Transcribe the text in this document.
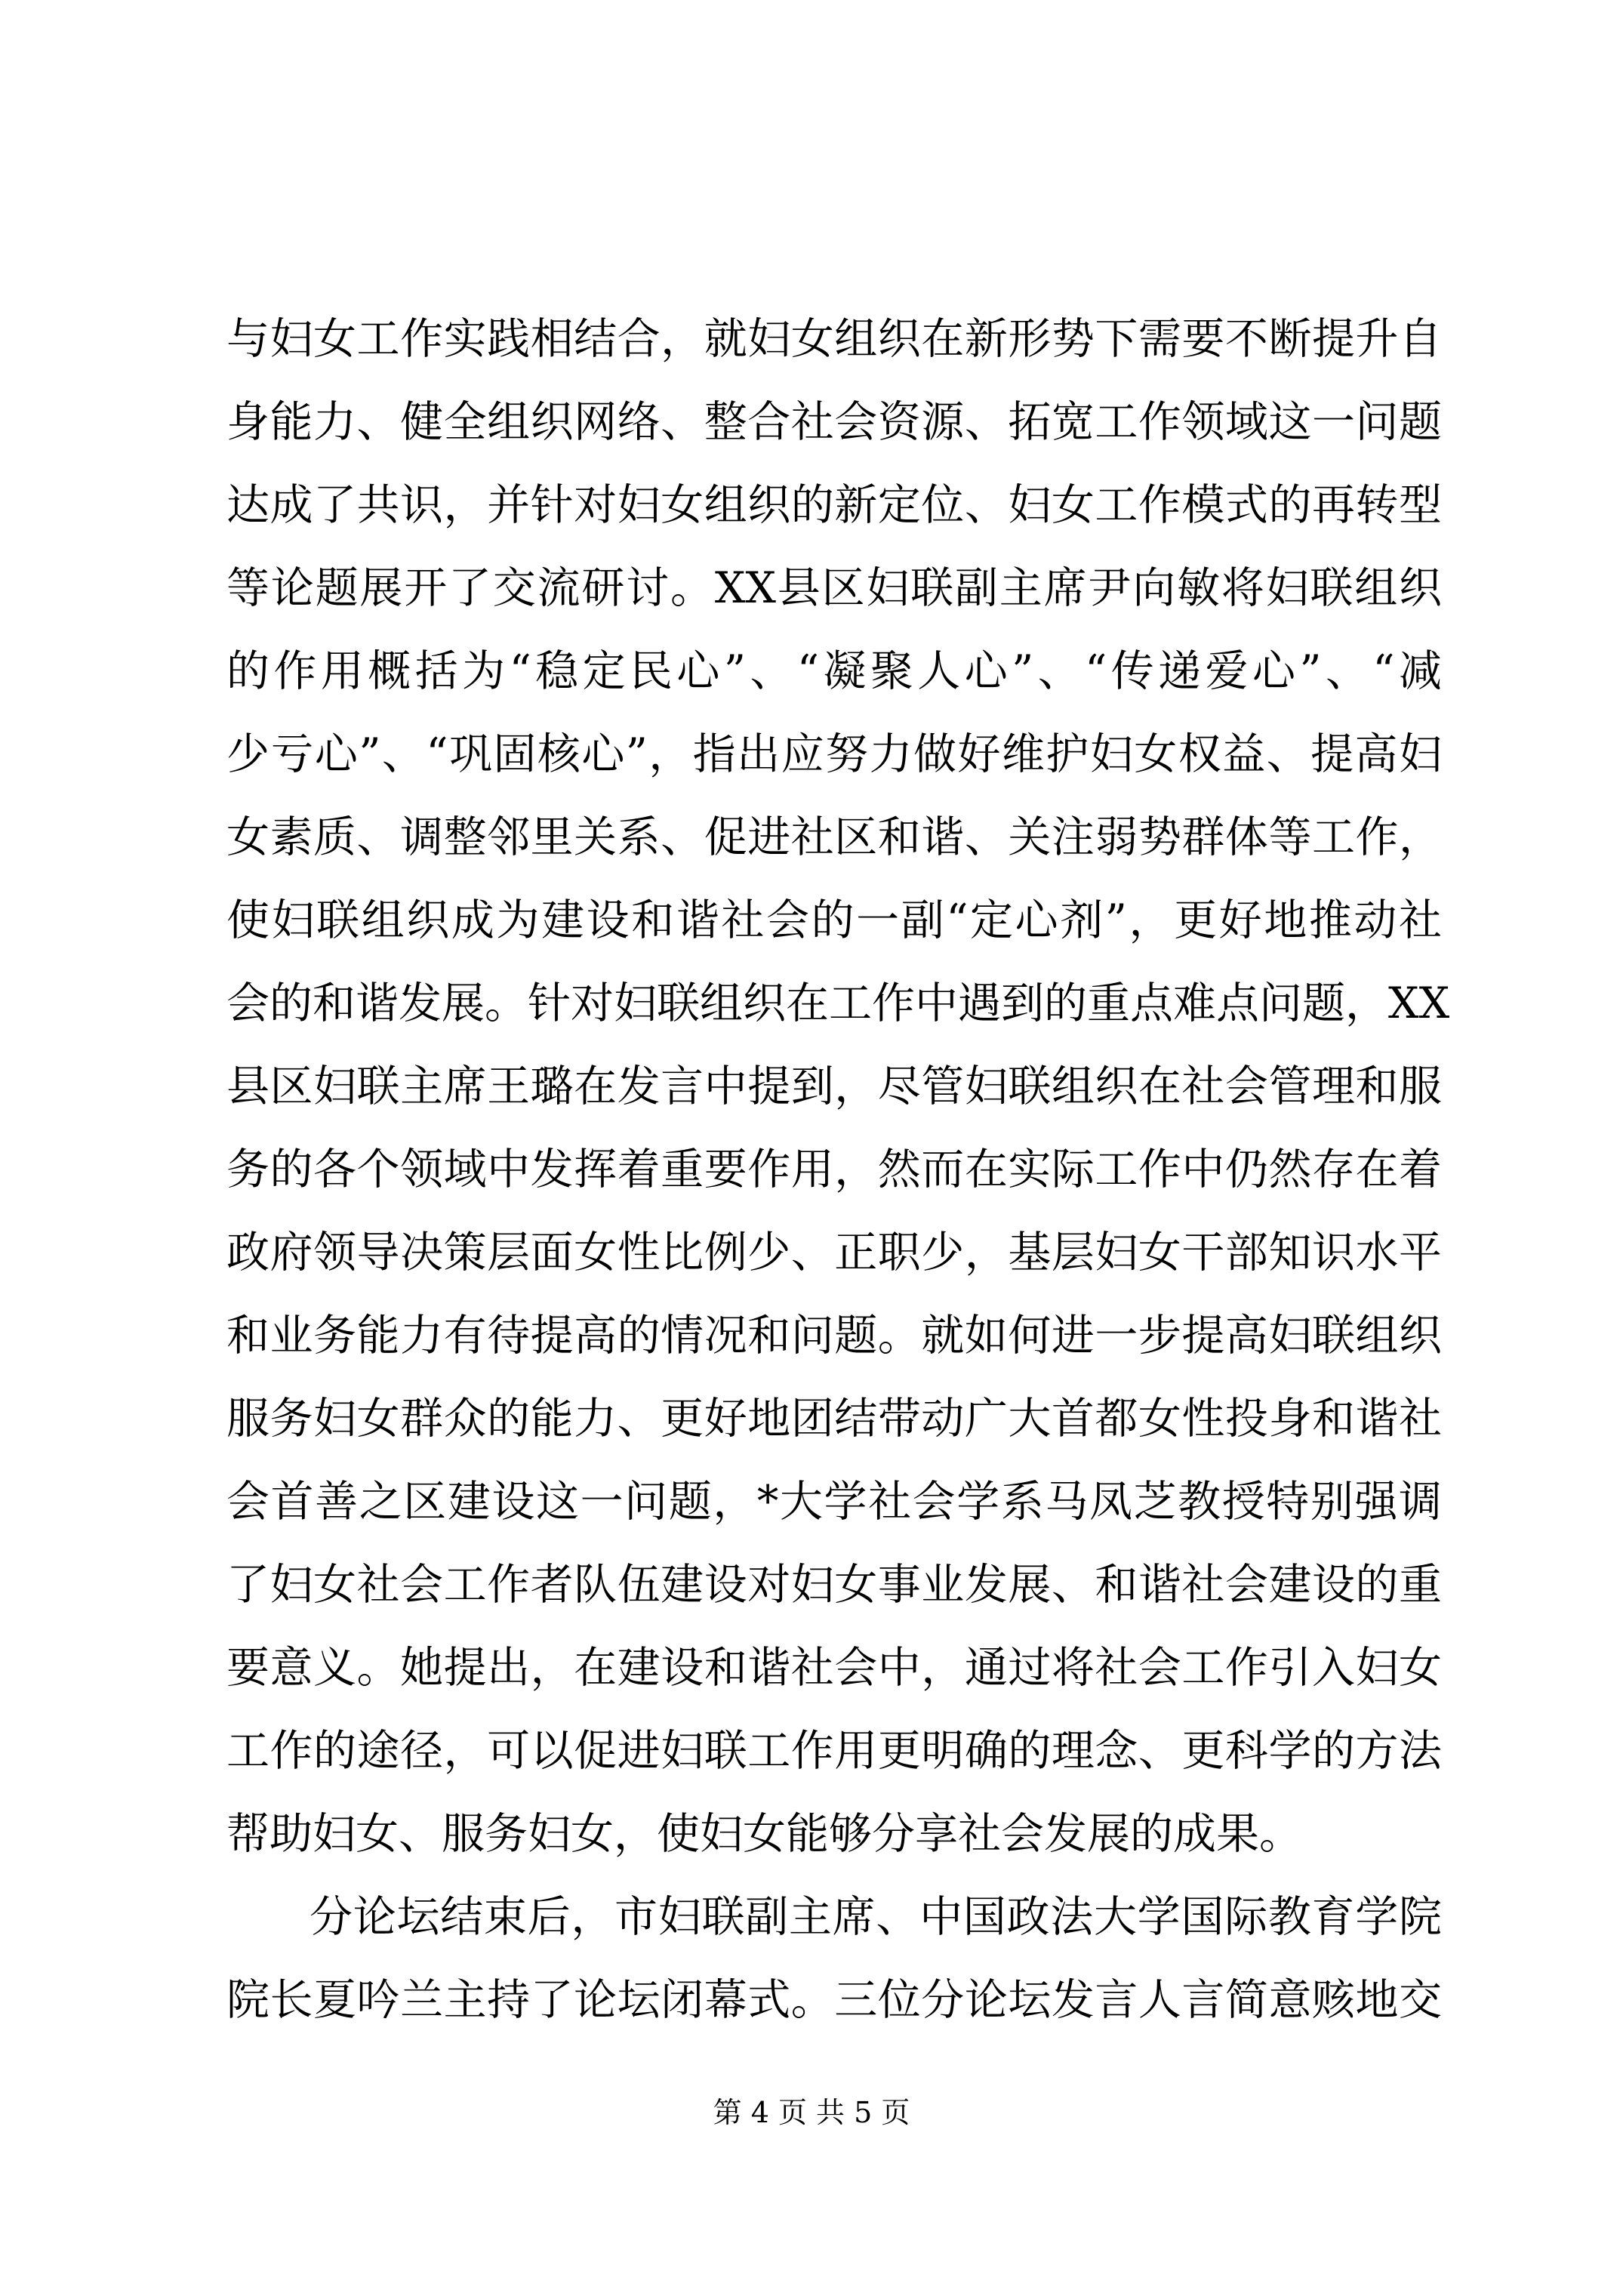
与妇女工作实践相结合，就妇女组织在新形势下需要不断提升自
身能力、健全组织网络、整合社会资源、拓宽工作领域这一问题
达成了共识，并针对妇女组织的新定位、妇女工作模式的再转型
等论题展开了交流研讨。XX县区妇联副主席尹向敏将妇联组织
的作用概括为“稳定民心”、“凝聚人心”、“传递爱心”、“减
少亏心”、“巩固核心”，指出应努力做好维护妇女权益、提高妇
女素质、调整邻里关系、促进社区和谐、关注弱势群体等工作，
使妇联组织成为建设和谐社会的一副“定心剂”，更好地推动社
会的和谐发展。针对妇联组织在工作中遇到的重点难点问题，XX
县区妇联主席王璐在发言中提到，尽管妇联组织在社会管理和服
务的各个领域中发挥着重要作用，然而在实际工作中仍然存在着
政府领导决策层面女性比例少、正职少，基层妇女干部知识水平
和业务能力有待提高的情况和问题。就如何进一步提高妇联组织
服务妇女群众的能力、更好地团结带动广大首都女性投身和谐社
会首善之区建设这一问题，*大学社会学系马凤芝教授特别强调
了妇女社会工作者队伍建设对妇女事业发展、和谐社会建设的重
要意义。她提出，在建设和谐社会中，通过将社会工作引入妇女
工作的途径，可以促进妇联工作用更明确的理念、更科学的方法
帮助妇女、服务妇女，使妇女能够分享社会发展的成果。
分论坛结束后，市妇联副主席、中国政法大学国际教育学院
院长夏吟兰主持了论坛闭幕式。三位分论坛发言人言简意赅地交
第 4 页 共 5 页
